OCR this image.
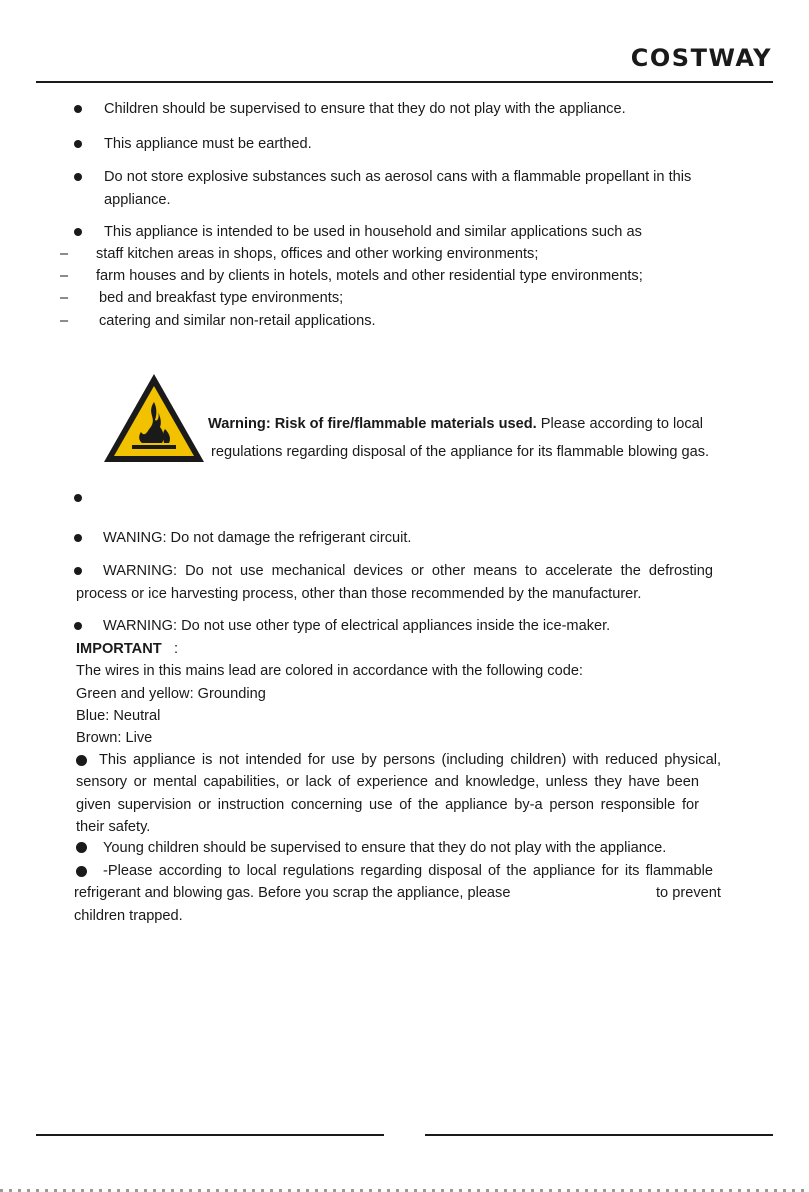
COSTWAY
Children should be supervised to ensure that they do not play with the appliance.
This appliance must be earthed.
Do not store explosive substances such as aerosol cans with a flammable propellant in this
appliance.
This appliance is intended to be used in household and similar applications such as
– staff kitchen areas in shops, offices and other working environments;
– farm houses and by clients in hotels, motels and other residential type environments;
– bed and breakfast type environments;
– catering and similar non-retail applications.
Warning: Risk of fire/flammable materials used. Please according to local
regulations regarding disposal of the appliance for its flammable blowing gas.
WANING: Do not damage the refrigerant circuit.
WARNING: Do not use mechanical devices or other means to accelerate the defrosting
process or ice harvesting process, other than those recommended by the manufacturer.
WARNING: Do not use other type of electrical appliances inside the ice-maker.
IMPORTANT :
The wires in this mains lead are colored in accordance with the following code:
Green and yellow: Grounding
Blue: Neutral
Brown: Live
This appliance is not intended for use by persons (including children) with reduced physical,
sensory or mental capabilities, or lack of experience and knowledge, unless they have been
given supervision or instruction concerning use of the appliance by-a person responsible for
their safety.
Young children should be supervised to ensure that they do not play with the appliance.
-Please according to local regulations regarding disposal of the appliance for its flammable
refrigerant and blowing gas. Before you scrap the appliance, please	to prevent
children trapped.
